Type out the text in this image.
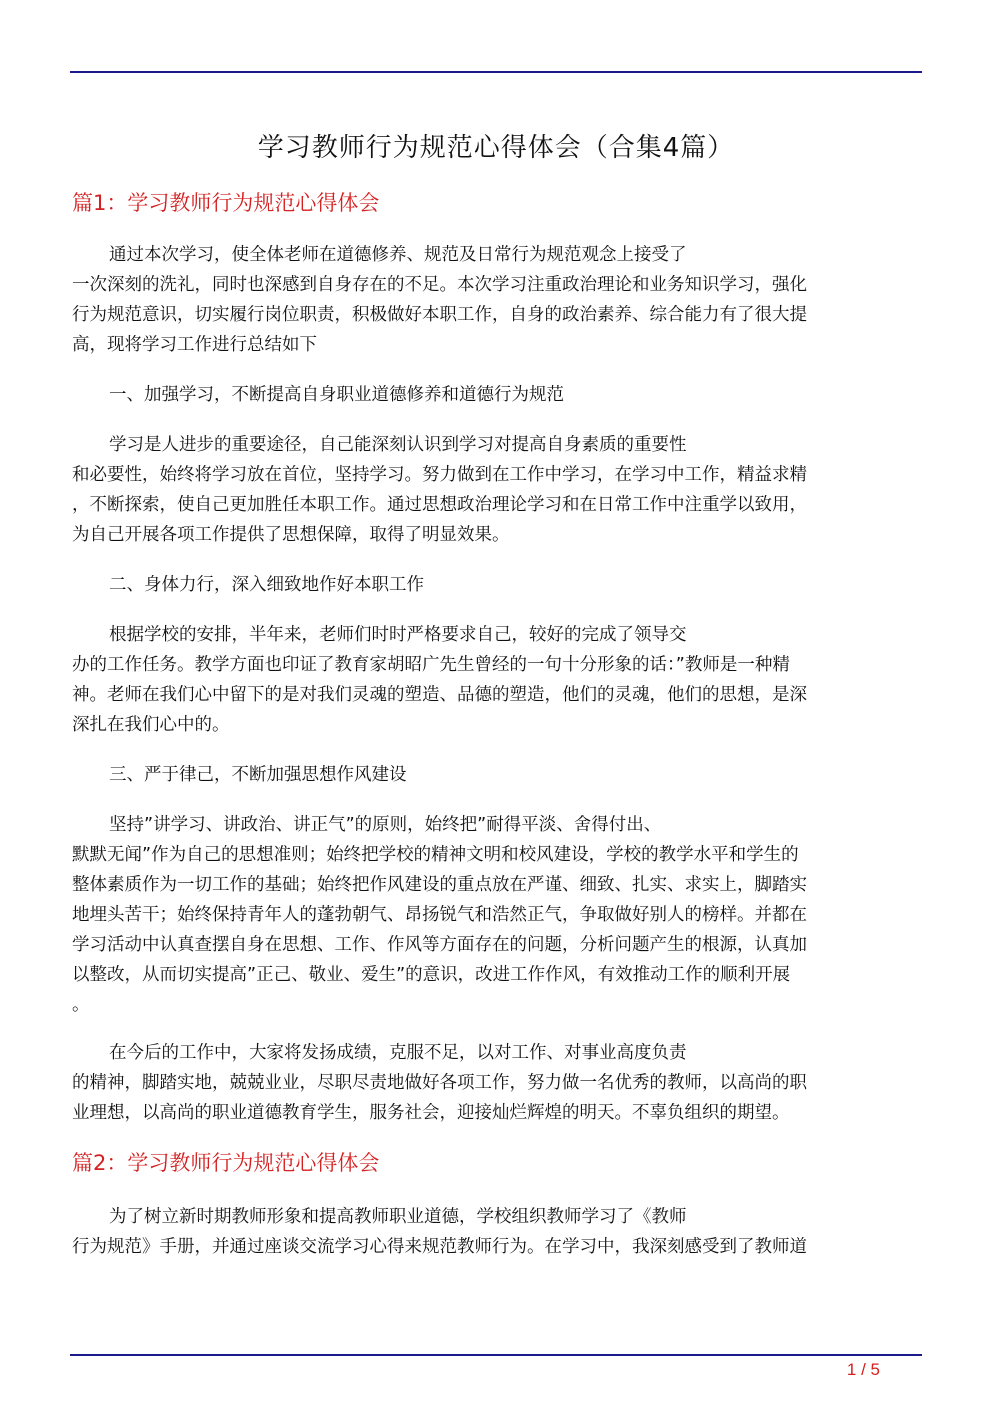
学习教师行为规范心得体会（合集4篇）
篇1：学习教师行为规范心得体会
通过本次学习，使全体老师在道德修养、规范及日常行为规范观念上接受了
一次深刻的洗礼，同时也深感到自身存在的不足。本次学习注重政治理论和业务知识学习，强化
行为规范意识，切实履行岗位职责，积极做好本职工作，自身的政治素养、综合能力有了很大提
高，现将学习工作进行总结如下
一、加强学习，不断提高自身职业道德修养和道德行为规范
学习是人进步的重要途径，自己能深刻认识到学习对提高自身素质的重要性
和必要性，始终将学习放在首位，坚持学习。努力做到在工作中学习，在学习中工作，精益求精
，不断探索，使自己更加胜任本职工作。通过思想政治理论学习和在日常工作中注重学以致用，
为自己开展各项工作提供了思想保障，取得了明显效果。
二、身体力行，深入细致地作好本职工作
根据学校的安排，半年来，老师们时时严格要求自己，较好的完成了领导交
办的工作任务。教学方面也印证了教育家胡昭广先生曾经的一句十分形象的话：”教师是一种精
神。老师在我们心中留下的是对我们灵魂的塑造、品德的塑造，他们的灵魂，他们的思想，是深
深扎在我们心中的。
三、严于律己，不断加强思想作风建设
坚持”讲学习、讲政治、讲正气”的原则，始终把”耐得平淡、舍得付出、
默默无闻”作为自己的思想准则；始终把学校的精神文明和校风建设，学校的教学水平和学生的
整体素质作为一切工作的基础；始终把作风建设的重点放在严谨、细致、扎实、求实上，脚踏实
地埋头苦干；始终保持青年人的蓬勃朝气、昂扬锐气和浩然正气，争取做好别人的榜样。并都在
学习活动中认真查摆自身在思想、工作、作风等方面存在的问题，分析问题产生的根源，认真加
以整改，从而切实提高”正己、敬业、爱生”的意识，改进工作作风，有效推动工作的顺利开展
。
在今后的工作中，大家将发扬成绩，克服不足，以对工作、对事业高度负责
的精神，脚踏实地，兢兢业业，尽职尽责地做好各项工作，努力做一名优秀的教师，以高尚的职
业理想，以高尚的职业道德教育学生，服务社会，迎接灿烂辉煌的明天。不辜负组织的期望。
篇2：学习教师行为规范心得体会
为了树立新时期教师形象和提高教师职业道德，学校组织教师学习了《教师
行为规范》手册，并通过座谈交流学习心得来规范教师行为。在学习中，我深刻感受到了教师道
1 / 5
